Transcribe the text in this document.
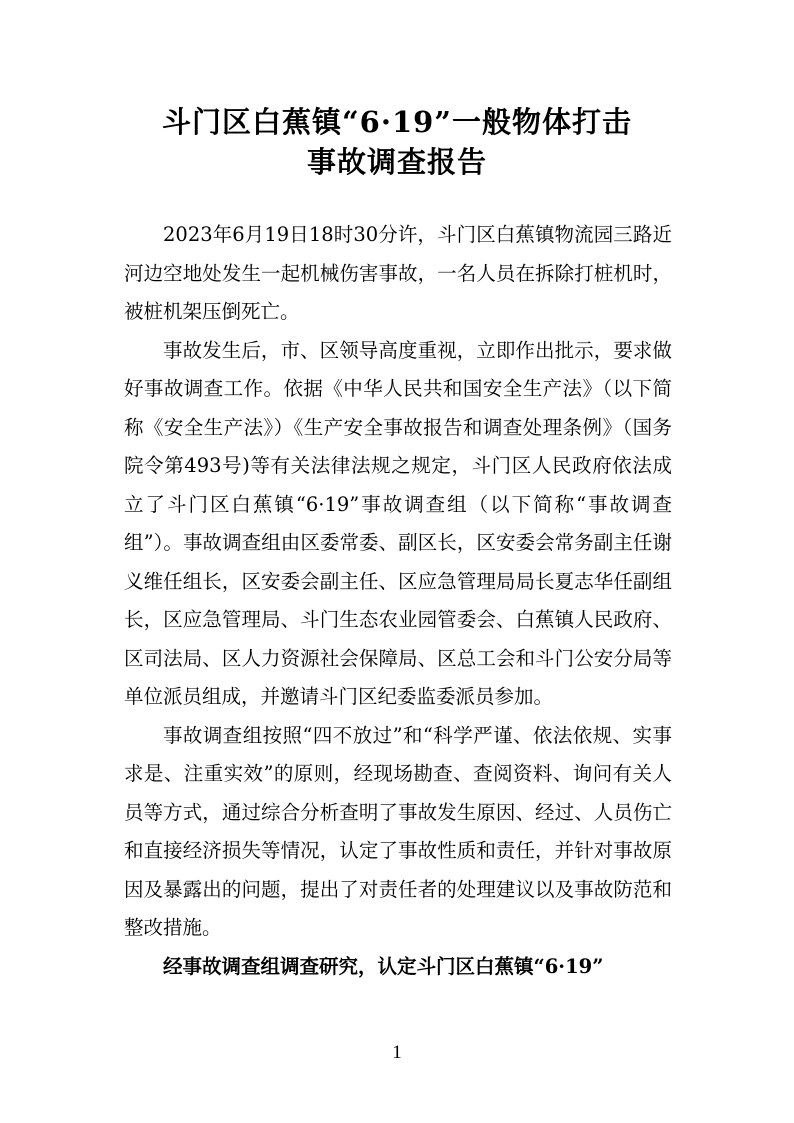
斗门区白蕉镇“6·19”一般物体打击
事故调查报告

2023年6月19日18时30分许，斗门区白蕉镇物流园三路近河边空地处发生一起机械伤害事故，一名人员在拆除打桩机时，被桩机架压倒死亡。

事故发生后，市、区领导高度重视，立即作出批示，要求做好事故调查工作。依据《中华人民共和国安全生产法》（以下简称《安全生产法》）《生产安全事故报告和调查处理条例》（国务院令第493号)等有关法律法规之规定，斗门区人民政府依法成立了斗门区白蕉镇“6·19”事故调查组（以下简称“事故调查组”）。事故调查组由区委常委、副区长，区安委会常务副主任谢义维任组长，区安委会副主任、区应急管理局局长夏志华任副组长，区应急管理局、斗门生态农业园管委会、白蕉镇人民政府、区司法局、区人力资源社会保障局、区总工会和斗门公安分局等单位派员组成，并邀请斗门区纪委监委派员参加。

事故调查组按照“四不放过”和“科学严谨、依法依规、实事求是、注重实效”的原则，经现场勘查、查阅资料、询问有关人员等方式，通过综合分析查明了事故发生原因、经过、人员伤亡和直接经济损失等情况，认定了事故性质和责任，并针对事故原因及暴露出的问题，提出了对责任者的处理建议以及事故防范和整改措施。

经事故调查组调查研究，认定斗门区白蕉镇“6·19”

1
